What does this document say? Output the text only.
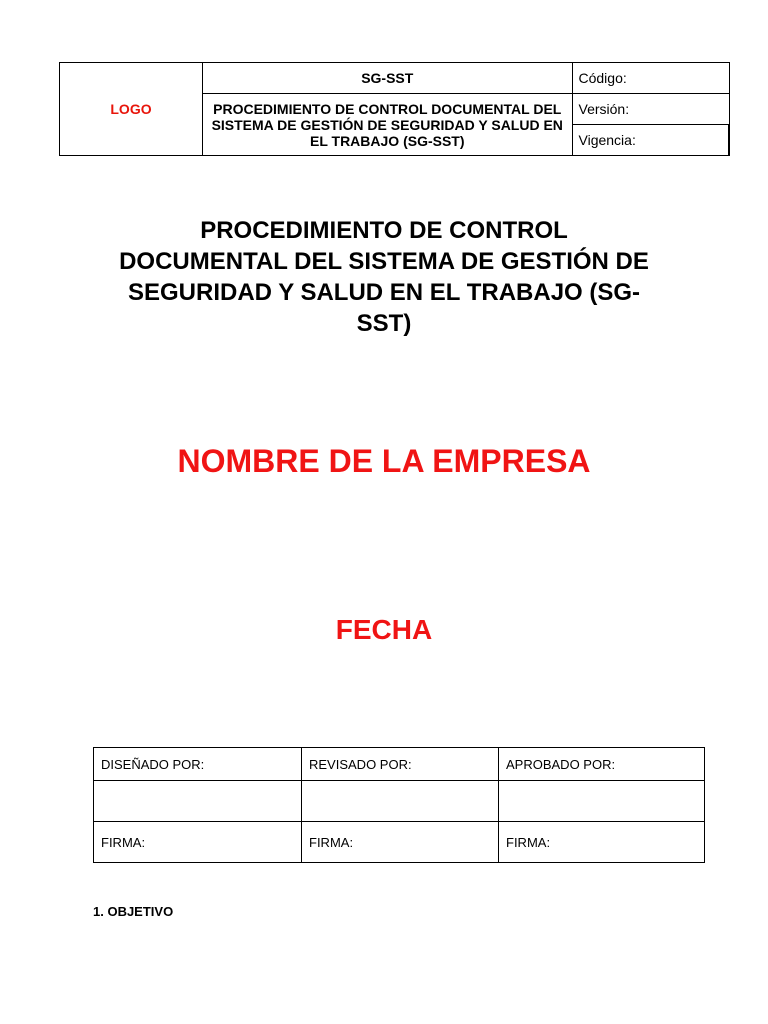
LOGO	SG-SST	Código:
	PROCEDIMIENTO DE CONTROL DOCUMENTAL DEL SISTEMA DE GESTIÓN DE SEGURIDAD Y SALUD EN EL TRABAJO (SG-SST)	Versión:
		Vigencia:
PROCEDIMIENTO DE CONTROL
DOCUMENTAL DEL SISTEMA DE GESTIÓN DE
SEGURIDAD Y SALUD EN EL TRABAJO (SG-
SST)
NOMBRE DE LA EMPRESA
FECHA
DISEÑADO POR:	REVISADO POR:	APROBADO POR:

FIRMA:	FIRMA:	FIRMA:
1. OBJETIVO
